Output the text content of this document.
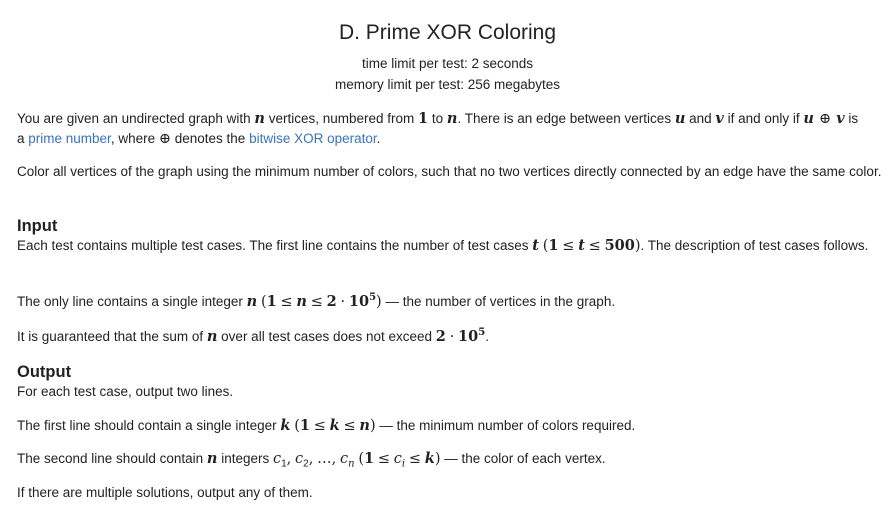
D. Prime XOR Coloring
time limit per test: 2 seconds
memory limit per test: 256 megabytes
You are given an undirected graph with n vertices, numbered from 1 to n. There is an edge between vertices u and v if and only if u ⊕ v is
a prime number, where ⊕ denotes the bitwise XOR operator.
Color all vertices of the graph using the minimum number of colors, such that no two vertices directly connected by an edge have the same color.
Input
Each test contains multiple test cases. The first line contains the number of test cases t (1 ≤ t ≤ 500). The description of test cases follows.
The only line contains a single integer n $(1 \le n \le 2 \cdot 10^5)$ — the number of vertices in the graph.
It is guaranteed that the sum of n over all test cases does not exceed $2 \cdot 10^5$.
Output
For each test case, output two lines.
The first line should contain a single integer k (1 ≤ k ≤ n) — the minimum number of colors required.
The second line should contain n integers $c_1$, $c_2$, …, $c_n$ $(1 \le c_i \le k)$ — the color of each vertex.
If there are multiple solutions, output any of them.
